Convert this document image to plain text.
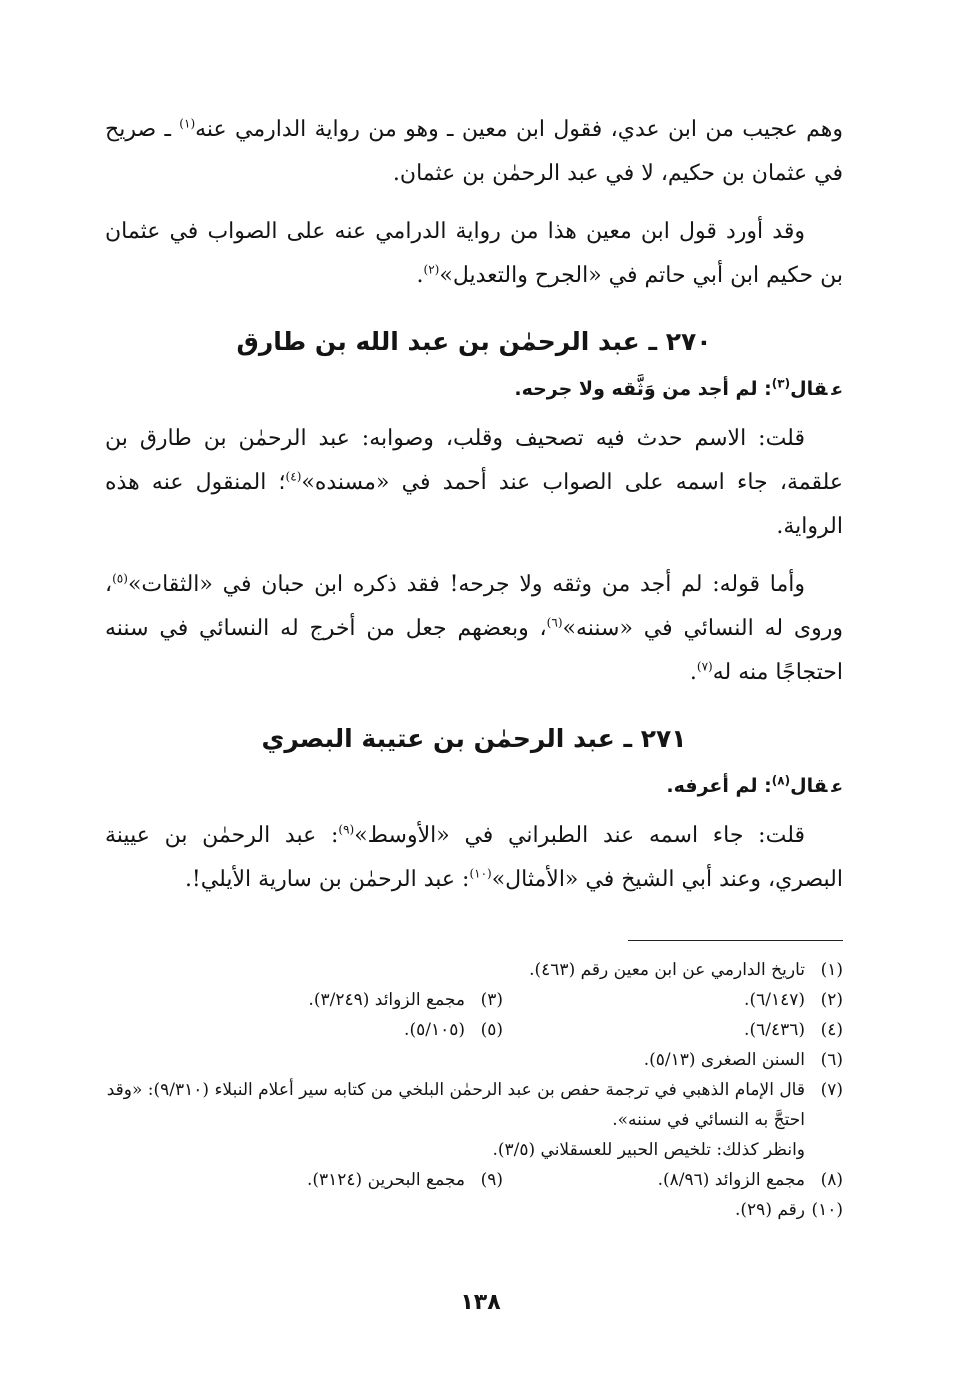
وهم عجيب من ابن عدي، فقول ابن معين ـ وهو من رواية الدارمي عنه$^{(١)}$ ـ صريح في عثمان بن حكيم، لا في عبد الرحمٰن بن عثمان.

وقد أورد قول ابن معين هذا من رواية الدرامي عنه على الصواب في عثمان بن حكيم ابن أبي حاتم في «الجرح والتعديل»$^{(٢)}$.

٢٧٠ ـ عبد الرحمٰن بن عبد الله بن طارق
عقال$^{(٣)}$: لم أجد من وَثَّقه ولا جرحه.

قلت: الاسم حدث فيه تصحيف وقلب، وصوابه: عبد الرحمٰن بن طارق بن علقمة، جاء اسمه على الصواب عند أحمد في «مسنده»$^{(٤)}$؛ المنقول عنه هذه الرواية.

وأما قوله: لم أجد من وثقه ولا جرحه! فقد ذكره ابن حبان في «الثقات»$^{(٥)}$، وروى له النسائي في «سننه»$^{(٦)}$، وبعضهم جعل من أخرج له النسائي في سننه احتجاجًا منه له$^{(٧)}$.

٢٧١ ـ عبد الرحمٰن بن عتيبة البصري
عقال$^{(٨)}$: لم أعرفه.

قلت: جاء اسمه عند الطبراني في «الأوسط»$^{(٩)}$: عبد الرحمٰن بن عيينة البصري، وعند أبي الشيخ في «الأمثال»$^{(١٠)}$: عبد الرحمٰن بن سارية الأيلي!.

(١)
تاريخ الدارمي عن ابن معين رقم (٤٦٣).
(٢)
(٦/١٤٧).
(٣)
مجمع الزوائد (٣/٢٤٩).
(٤)
(٦/٤٣٦).
(٥)
(٥/١٠٥).
(٦)
السنن الصغرى (٥/١٣).
(٧)
قال الإمام الذهبي في ترجمة حفص بن عبد الرحمٰن البلخي من كتابه سير أعلام النبلاء (٩/٣١٠): «وقد احتجَّ به النسائي في سننه».
وانظر كذلك: تلخيص الحبير للعسقلاني (٣/٥).
(٨)
مجمع الزوائد (٨/٩٦).
(٩)
مجمع البحرين (٣١٢٤).
(١٠)
رقم (٢٩).
١٣٨
